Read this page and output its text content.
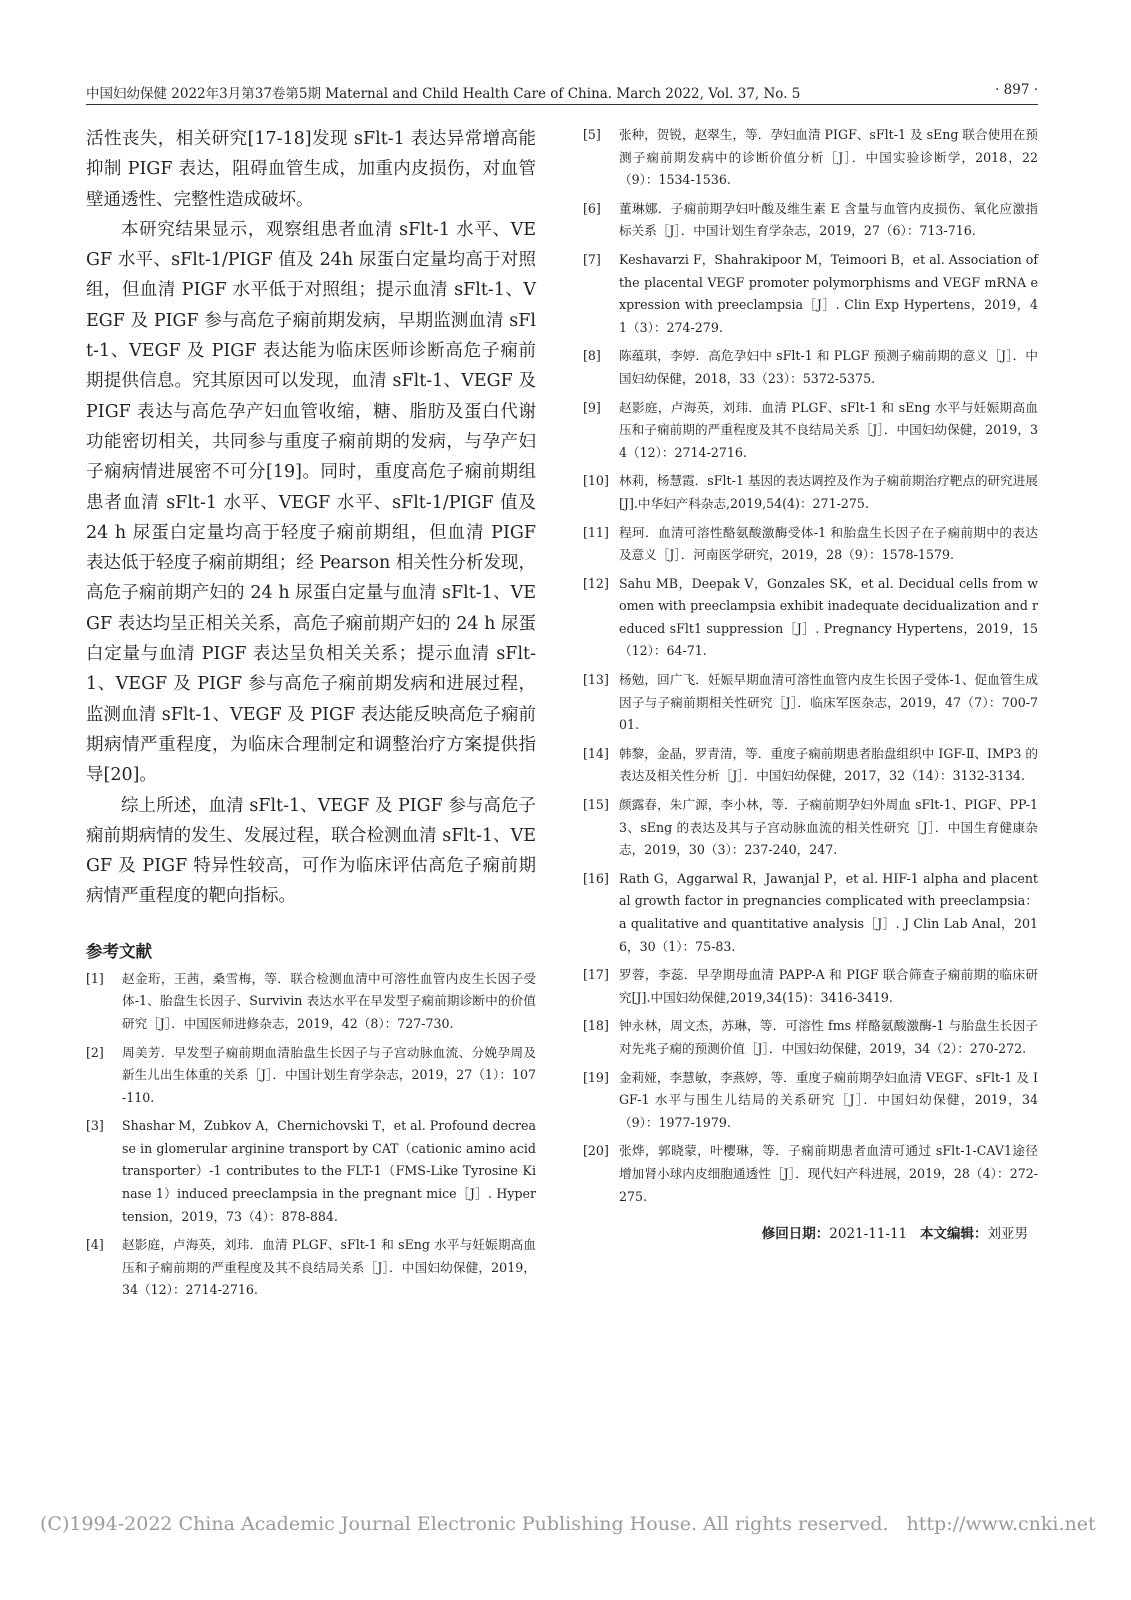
中国妇幼保健 2022年3月第37卷第5期 Maternal and Child Health Care of China. March 2022, Vol. 37, No. 5	· 897 ·

活性丧失，相关研究[17-18]发现 sFlt-1 表达异常增高能抑制 PIGF 表达，阻碍血管生成，加重内皮损伤，对血管壁通透性、完整性造成破坏。

本研究结果显示，观察组患者血清 sFlt-1 水平、VEGF 水平、sFlt-1/PIGF 值及 24h 尿蛋白定量均高于对照组，但血清 PIGF 水平低于对照组；提示血清 sFlt-1、VEGF 及 PIGF 参与高危子痫前期发病，早期监测血清 sFlt-1、VEGF 及 PIGF 表达能为临床医师诊断高危子痫前期提供信息。究其原因可以发现，血清 sFlt-1、VEGF 及 PIGF 表达与高危孕产妇血管收缩，糖、脂肪及蛋白代谢功能密切相关，共同参与重度子痫前期的发病，与孕产妇子痫病情进展密不可分[19]。同时，重度高危子痫前期组患者血清 sFlt-1 水平、VEGF 水平、sFlt-1/PIGF 值及 24 h 尿蛋白定量均高于轻度子痫前期组，但血清 PIGF 表达低于轻度子痫前期组；经 Pearson 相关性分析发现，高危子痫前期产妇的 24 h 尿蛋白定量与血清 sFlt-1、VEGF 表达均呈正相关关系，高危子痫前期产妇的 24 h 尿蛋白定量与血清 PIGF 表达呈负相关关系；提示血清 sFlt-1、VEGF 及 PIGF 参与高危子痫前期发病和进展过程，监测血清 sFlt-1、VEGF 及 PIGF 表达能反映高危子痫前期病情严重程度，为临床合理制定和调整治疗方案提供指导[20]。

综上所述，血清 sFlt-1、VEGF 及 PIGF 参与高危子痫前期病情的发生、发展过程，联合检测血清 sFlt-1、VEGF 及 PIGF 特异性较高，可作为临床评估高危子痫前期病情严重程度的靶向指标。

参考文献
[1]	赵金珩，王茜，桑雪梅，等．联合检测血清中可溶性血管内皮生长因子受体-1、胎盘生长因子、Survivin 表达水平在早发型子痫前期诊断中的价值研究［J］．中国医师进修杂志，2019，42（8）：727-730.
[2]	周美芳．早发型子痫前期血清胎盘生长因子与子宫动脉血流、分娩孕周及新生儿出生体重的关系［J］．中国计划生育学杂志，2019，27（1）：107-110.
[3]	Shashar M，Zubkov A，Chernichovski T，et al. Profound decrease in glomerular arginine transport by CAT（cationic amino acid transporter）-1 contributes to the FLT-1（FMS-Like Tyrosine Kinase 1）induced preeclampsia in the pregnant mice［J］. Hypertension，2019，73（4）：878-884.
[4]	赵影庭，卢海英，刘玮．血清 PLGF、sFlt-1 和 sEng 水平与妊娠期高血压和子痫前期的严重程度及其不良结局关系［J］．中国妇幼保健，2019，34（12）：2714-2716.
[5]	张种，贺锐，赵翠生，等．孕妇血清 PIGF、sFlt-1 及 sEng 联合使用在预测子痫前期发病中的诊断价值分析［J］．中国实验诊断学，2018，22（9）：1534-1536.
[6]	董琳娜．子痫前期孕妇叶酸及维生素 E 含量与血管内皮损伤、氧化应激指标关系［J］．中国计划生育学杂志，2019，27（6）：713-716.
[7]	Keshavarzi F，Shahrakipoor M，Teimoori B，et al. Association of the placental VEGF promoter polymorphisms and VEGF mRNA expression with preeclampsia［J］. Clin Exp Hypertens，2019，41（3）：274-279.
[8]	陈蕴琪，李婷．高危孕妇中 sFlt-1 和 PLGF 预测子痫前期的意义［J］．中国妇幼保健，2018，33（23）：5372-5375.
[9]	赵影庭，卢海英，刘玮．血清 PLGF、sFlt-1 和 sEng 水平与妊娠期高血压和子痫前期的严重程度及其不良结局关系［J］．中国妇幼保健，2019，34（12）：2714-2716.
[10] 林莉，杨慧霞．sFlt-1 基因的表达调控及作为子痫前期治疗靶点的研究进展[J].中华妇产科杂志,2019,54(4)：271-275.
[11] 程珂．血清可溶性酪氨酸激酶受体-1 和胎盘生长因子在子痫前期中的表达及意义［J］．河南医学研究，2019，28（9）：1578-1579.
[12] Sahu MB，Deepak V，Gonzales SK，et al. Decidual cells from women with preeclampsia exhibit inadequate decidualization and reduced sFlt1 suppression［J］. Pregnancy Hypertens，2019，15（12）：64-71.
[13] 杨勉，回广飞．妊娠早期血清可溶性血管内皮生长因子受体-1、促血管生成因子与子痫前期相关性研究［J］．临床军医杂志，2019，47（7）：700-701.
[14] 韩黎，金晶，罗青清，等．重度子痫前期患者胎盘组织中 IGF-Ⅱ、IMP3 的表达及相关性分析［J］．中国妇幼保健，2017，32（14）：3132-3134.
[15] 颜露春，朱广源，李小林，等．子痫前期孕妇外周血 sFlt-1、PIGF、PP-13、sEng 的表达及其与子宫动脉血流的相关性研究［J］．中国生育健康杂志，2019，30（3）：237-240，247.
[16] Rath G，Aggarwal R，Jawanjal P，et al. HIF-1 alpha and placental growth factor in pregnancies complicated with preeclampsia：a qualitative and quantitative analysis［J］. J Clin Lab Anal，2016，30（1）：75-83.
[17] 罗蓉，李蕊．早孕期母血清 PAPP-A 和 PIGF 联合筛查子痫前期的临床研究[J].中国妇幼保健,2019,34(15)：3416-3419.
[18] 钟永林，周文杰，苏琳，等．可溶性 fms 样酪氨酸激酶-1 与胎盘生长因子对先兆子痫的预测价值［J］．中国妇幼保健，2019，34（2）：270-272.
[19] 金莉娅，李慧敏，李燕婷，等．重度子痫前期孕妇血清 VEGF、sFlt-1 及 IGF-1 水平与围生儿结局的关系研究［J］．中国妇幼保健，2019，34（9）：1977-1979.
[20] 张烨，郭晓蒙，叶樱琳，等．子痫前期患者血清可通过 sFlt-1-CAV1途径增加肾小球内皮细胞通透性［J］．现代妇产科进展，2019，28（4）：272-275.
修回日期：2021-11-11 本文编辑：刘亚男
(C)1994-2022 China Academic Journal Electronic Publishing House. All rights reserved. http://www.cnki.net
